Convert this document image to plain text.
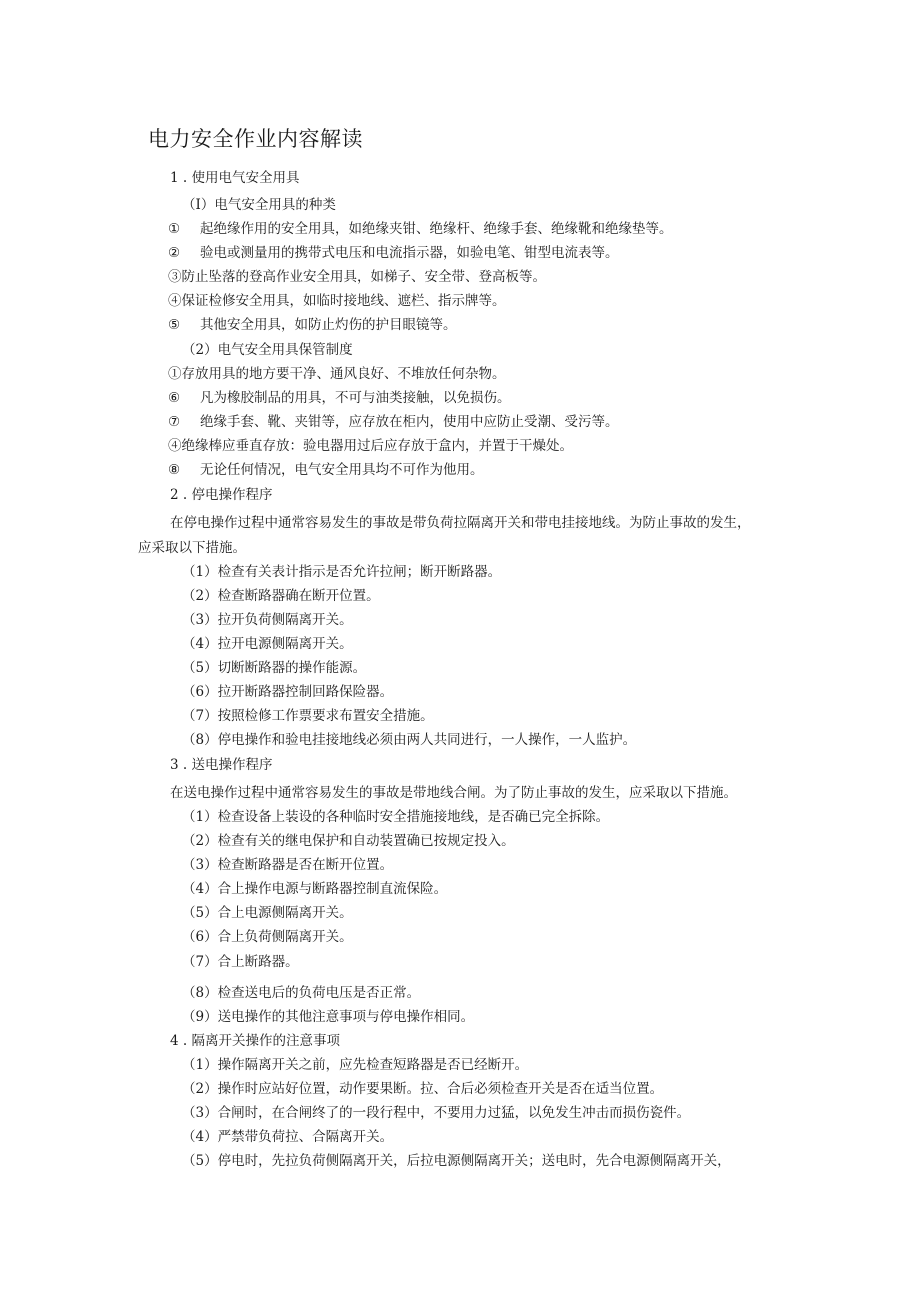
电力安全作业内容解读
1 . 使用电气安全用具
（I）电气安全用具的种类
① 起绝缘作用的安全用具，如绝缘夹钳、绝缘杆、绝缘手套、绝缘靴和绝缘垫等。
② 验电或测量用的携带式电压和电流指示器，如验电笔、钳型电流表等。
③防止坠落的登高作业安全用具，如梯子、安全带、登高板等。
④保证检修安全用具，如临时接地线、遮栏、指示牌等。
⑤ 其他安全用具，如防止灼伤的护目眼镜等。
（2）电气安全用具保管制度
①存放用具的地方要干净、通风良好、不堆放任何杂物。
⑥ 凡为橡胶制品的用具，不可与油类接触，以免损伤。
⑦ 绝缘手套、靴、夹钳等，应存放在柜内，使用中应防止受潮、受污等。
④绝缘棒应垂直存放：验电器用过后应存放于盒内，并置于干燥处。
⑧ 无论任何情况，电气安全用具均不可作为他用。
2 . 停电操作程序
在停电操作过程中通常容易发生的事故是带负荷拉隔离开关和带电挂接地线。为防止事故的发生，
应采取以下措施。
（1）检查有关表计指示是否允许拉闸；断开断路器。
（2）检查断路器确在断开位置。
（3）拉开负荷侧隔离开关。
（4）拉开电源侧隔离开关。
（5）切断断路器的操作能源。
（6）拉开断路器控制回路保险器。
（7）按照检修工作票要求布置安全措施。
（8）停电操作和验电挂接地线必须由两人共同进行，一人操作，一人监护。
3 . 送电操作程序
在送电操作过程中通常容易发生的事故是带地线合闸。为了防止事故的发生，应采取以下措施。
（1）检查设备上装设的各种临时安全措施接地线，是否确已完全拆除。
（2）检查有关的继电保护和自动装置确已按规定投入。
（3）检查断路器是否在断开位置。
（4）合上操作电源与断路器控制直流保险。
（5）合上电源侧隔离开关。
（6）合上负荷侧隔离开关。
（7）合上断路器。
（8）检查送电后的负荷电压是否正常。
（9）送电操作的其他注意事项与停电操作相同。
4 . 隔离开关操作的注意事项
（1）操作隔离开关之前，应先检查短路器是否已经断开。
（2）操作时应站好位置，动作要果断。拉、合后必须检查开关是否在适当位置。
（3）合闸时，在合闸终了的一段行程中，不要用力过猛，以免发生冲击而损伤瓷件。
（4）严禁带负荷拉、合隔离开关。
（5）停电时，先拉负荷侧隔离开关，后拉电源侧隔离开关；送电时，先合电源侧隔离开关，
